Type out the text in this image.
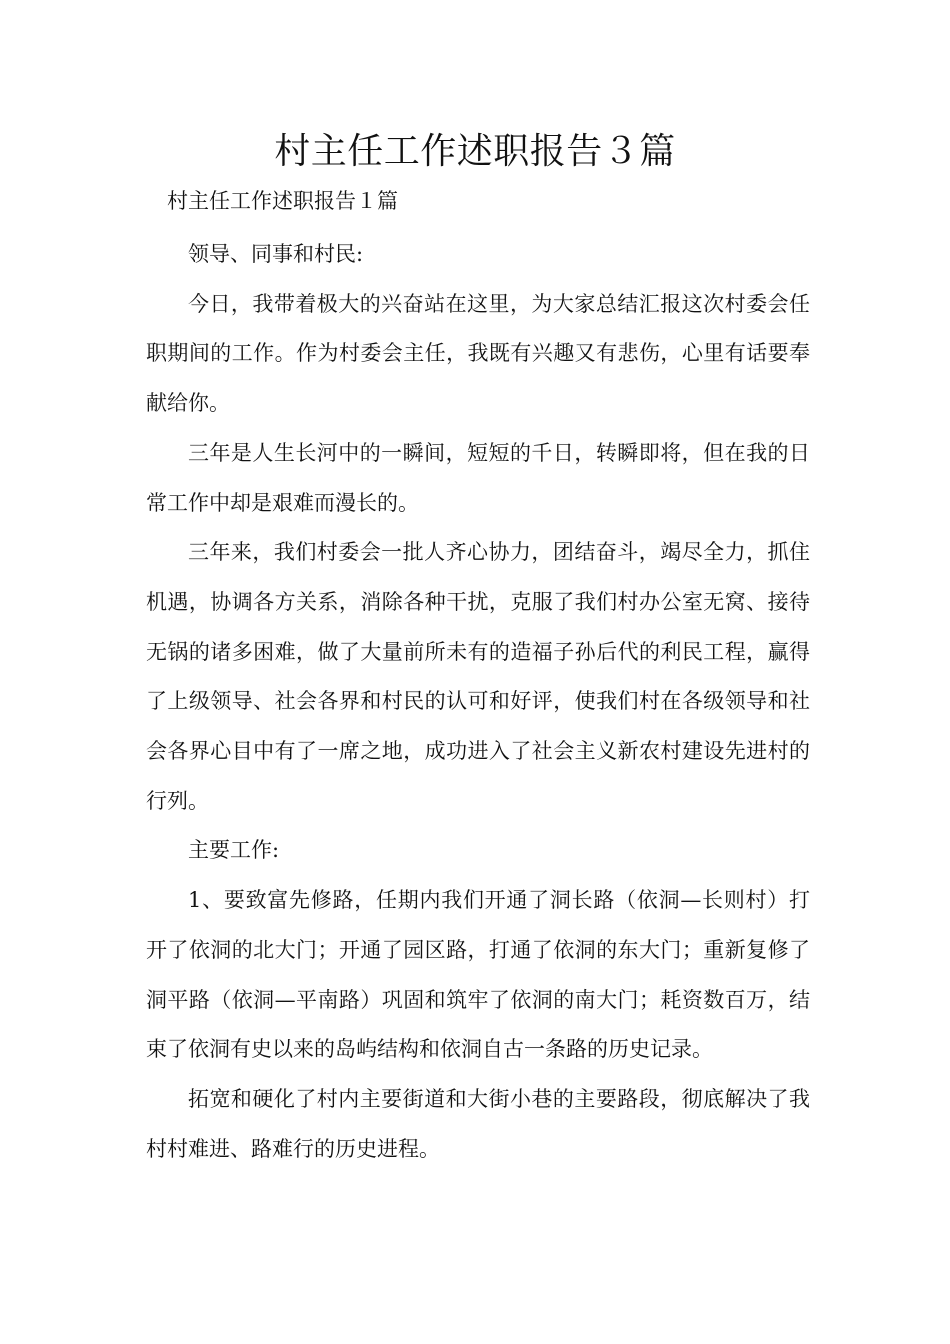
村主任工作述职报告３篇

村主任工作述职报告１篇

领导、同事和村民:

今日，我带着极大的兴奋站在这里，为大家总结汇报这次村委会任职期间的工作。作为村委会主任，我既有兴趣又有悲伤，心里有话要奉献给你。

三年是人生长河中的一瞬间，短短的千日，转瞬即将，但在我的日常工作中却是艰难而漫长的。

三年来，我们村委会一批人齐心协力，团结奋斗，竭尽全力，抓住机遇，协调各方关系，消除各种干扰，克服了我们村办公室无窝、接待无锅的诸多困难，做了大量前所未有的造福子孙后代的利民工程，赢得了上级领导、社会各界和村民的认可和好评，使我们村在各级领导和社会各界心目中有了一席之地，成功进入了社会主义新农村建设先进村的行列。

主要工作:

1、要致富先修路，任期内我们开通了洞长路（依洞—长则村）打开了依洞的北大门；开通了园区路，打通了依洞的东大门；重新复修了洞平路（依洞—平南路）巩固和筑牢了依洞的南大门；耗资数百万，结束了依洞有史以来的岛屿结构和依洞自古一条路的历史记录。

拓宽和硬化了村内主要街道和大街小巷的主要路段，彻底解决了我村村难进、路难行的历史进程。
